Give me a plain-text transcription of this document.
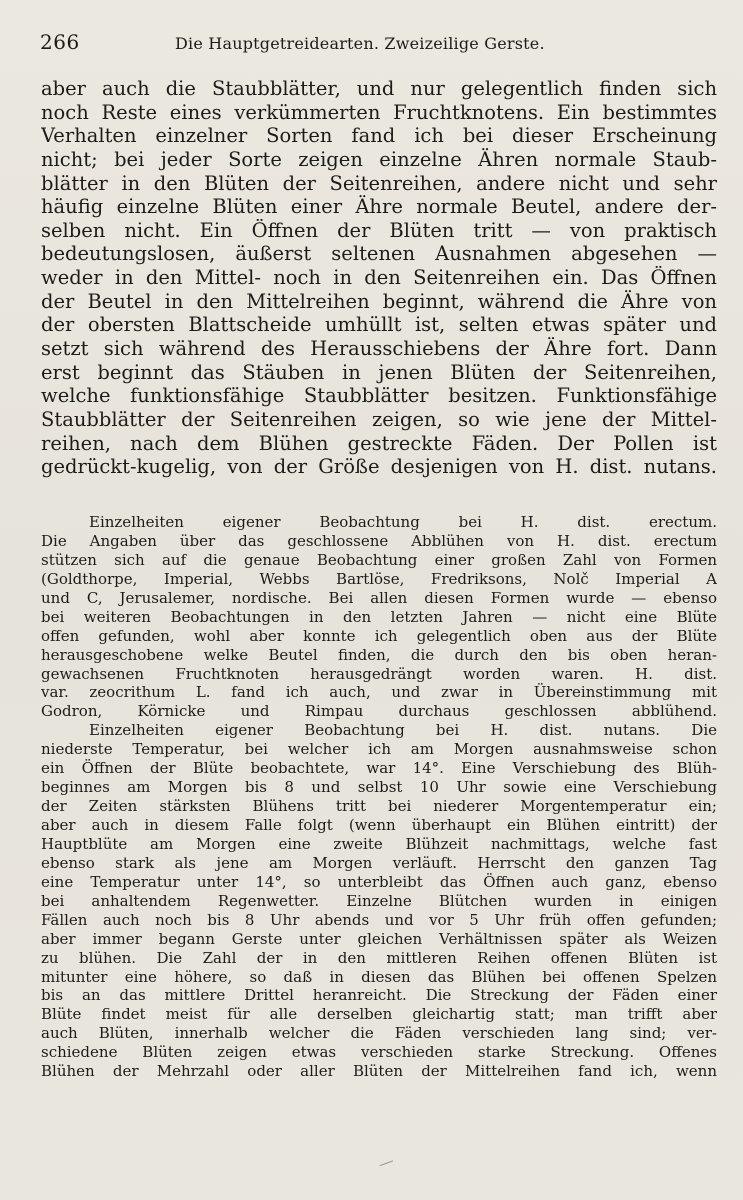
266	Die Hauptgetreidearten. Zweizeilige Gerste.
aber auch die Staubblätter, und nur gelegentlich finden sich
noch Reste eines verkümmerten Fruchtknotens. Ein bestimmtes
Verhalten einzelner Sorten fand ich bei dieser Erscheinung
nicht; bei jeder Sorte zeigen einzelne Ähren normale Staub-
blätter in den Blüten der Seitenreihen, andere nicht und sehr
häufig einzelne Blüten einer Ähre normale Beutel, andere der-
selben nicht. Ein Öffnen der Blüten tritt — von praktisch
bedeutungslosen, äußerst seltenen Ausnahmen abgesehen —
weder in den Mittel- noch in den Seitenreihen ein. Das Öffnen
der Beutel in den Mittelreihen beginnt, während die Ähre von
der obersten Blattscheide umhüllt ist, selten etwas später und
setzt sich während des Herausschiebens der Ähre fort. Dann
erst beginnt das Stäuben in jenen Blüten der Seitenreihen,
welche funktionsfähige Staubblätter besitzen. Funktionsfähige
Staubblätter der Seitenreihen zeigen, so wie jene der Mittel-
reihen, nach dem Blühen gestreckte Fäden. Der Pollen ist
gedrückt-kugelig, von der Größe desjenigen von H. dist. nutans.
Einzelheiten eigener Beobachtung bei H. dist. erectum.
Die Angaben über das geschlossene Abblühen von H. dist. erectum
stützen sich auf die genaue Beobachtung einer großen Zahl von Formen
(Goldthorpe, Imperial, Webbs Bartlöse, Fredriksons, Nolč Imperial A
und C, Jerusalemer, nordische. Bei allen diesen Formen wurde — ebenso
bei weiteren Beobachtungen in den letzten Jahren — nicht eine Blüte
offen gefunden, wohl aber konnte ich gelegentlich oben aus der Blüte
herausgeschobene welke Beutel finden, die durch den bis oben heran-
gewachsenen Fruchtknoten herausgedrängt worden waren. H. dist.
var. zeocrithum L. fand ich auch, und zwar in Übereinstimmung mit
Godron, Körnicke und Rimpau durchaus geschlossen abblühend.
Einzelheiten eigener Beobachtung bei H. dist. nutans. Die
niederste Temperatur, bei welcher ich am Morgen ausnahmsweise schon
ein Öffnen der Blüte beobachtete, war 14°. Eine Verschiebung des Blüh-
beginnes am Morgen bis 8 und selbst 10 Uhr sowie eine Verschiebung
der Zeiten stärksten Blühens tritt bei niederer Morgentemperatur ein;
aber auch in diesem Falle folgt (wenn überhaupt ein Blühen eintritt) der
Hauptblüte am Morgen eine zweite Blühzeit nachmittags, welche fast
ebenso stark als jene am Morgen verläuft. Herrscht den ganzen Tag
eine Temperatur unter 14°, so unterbleibt das Öffnen auch ganz, ebenso
bei anhaltendem Regenwetter. Einzelne Blütchen wurden in einigen
Fällen auch noch bis 8 Uhr abends und vor 5 Uhr früh offen gefunden;
aber immer begann Gerste unter gleichen Verhältnissen später als Weizen
zu blühen. Die Zahl der in den mittleren Reihen offenen Blüten ist
mitunter eine höhere, so daß in diesen das Blühen bei offenen Spelzen
bis an das mittlere Drittel heranreicht. Die Streckung der Fäden einer
Blüte findet meist für alle derselben gleichartig statt; man trifft aber
auch Blüten, innerhalb welcher die Fäden verschieden lang sind; ver-
schiedene Blüten zeigen etwas verschieden starke Streckung. Offenes
Blühen der Mehrzahl oder aller Blüten der Mittelreihen fand ich, wenn
